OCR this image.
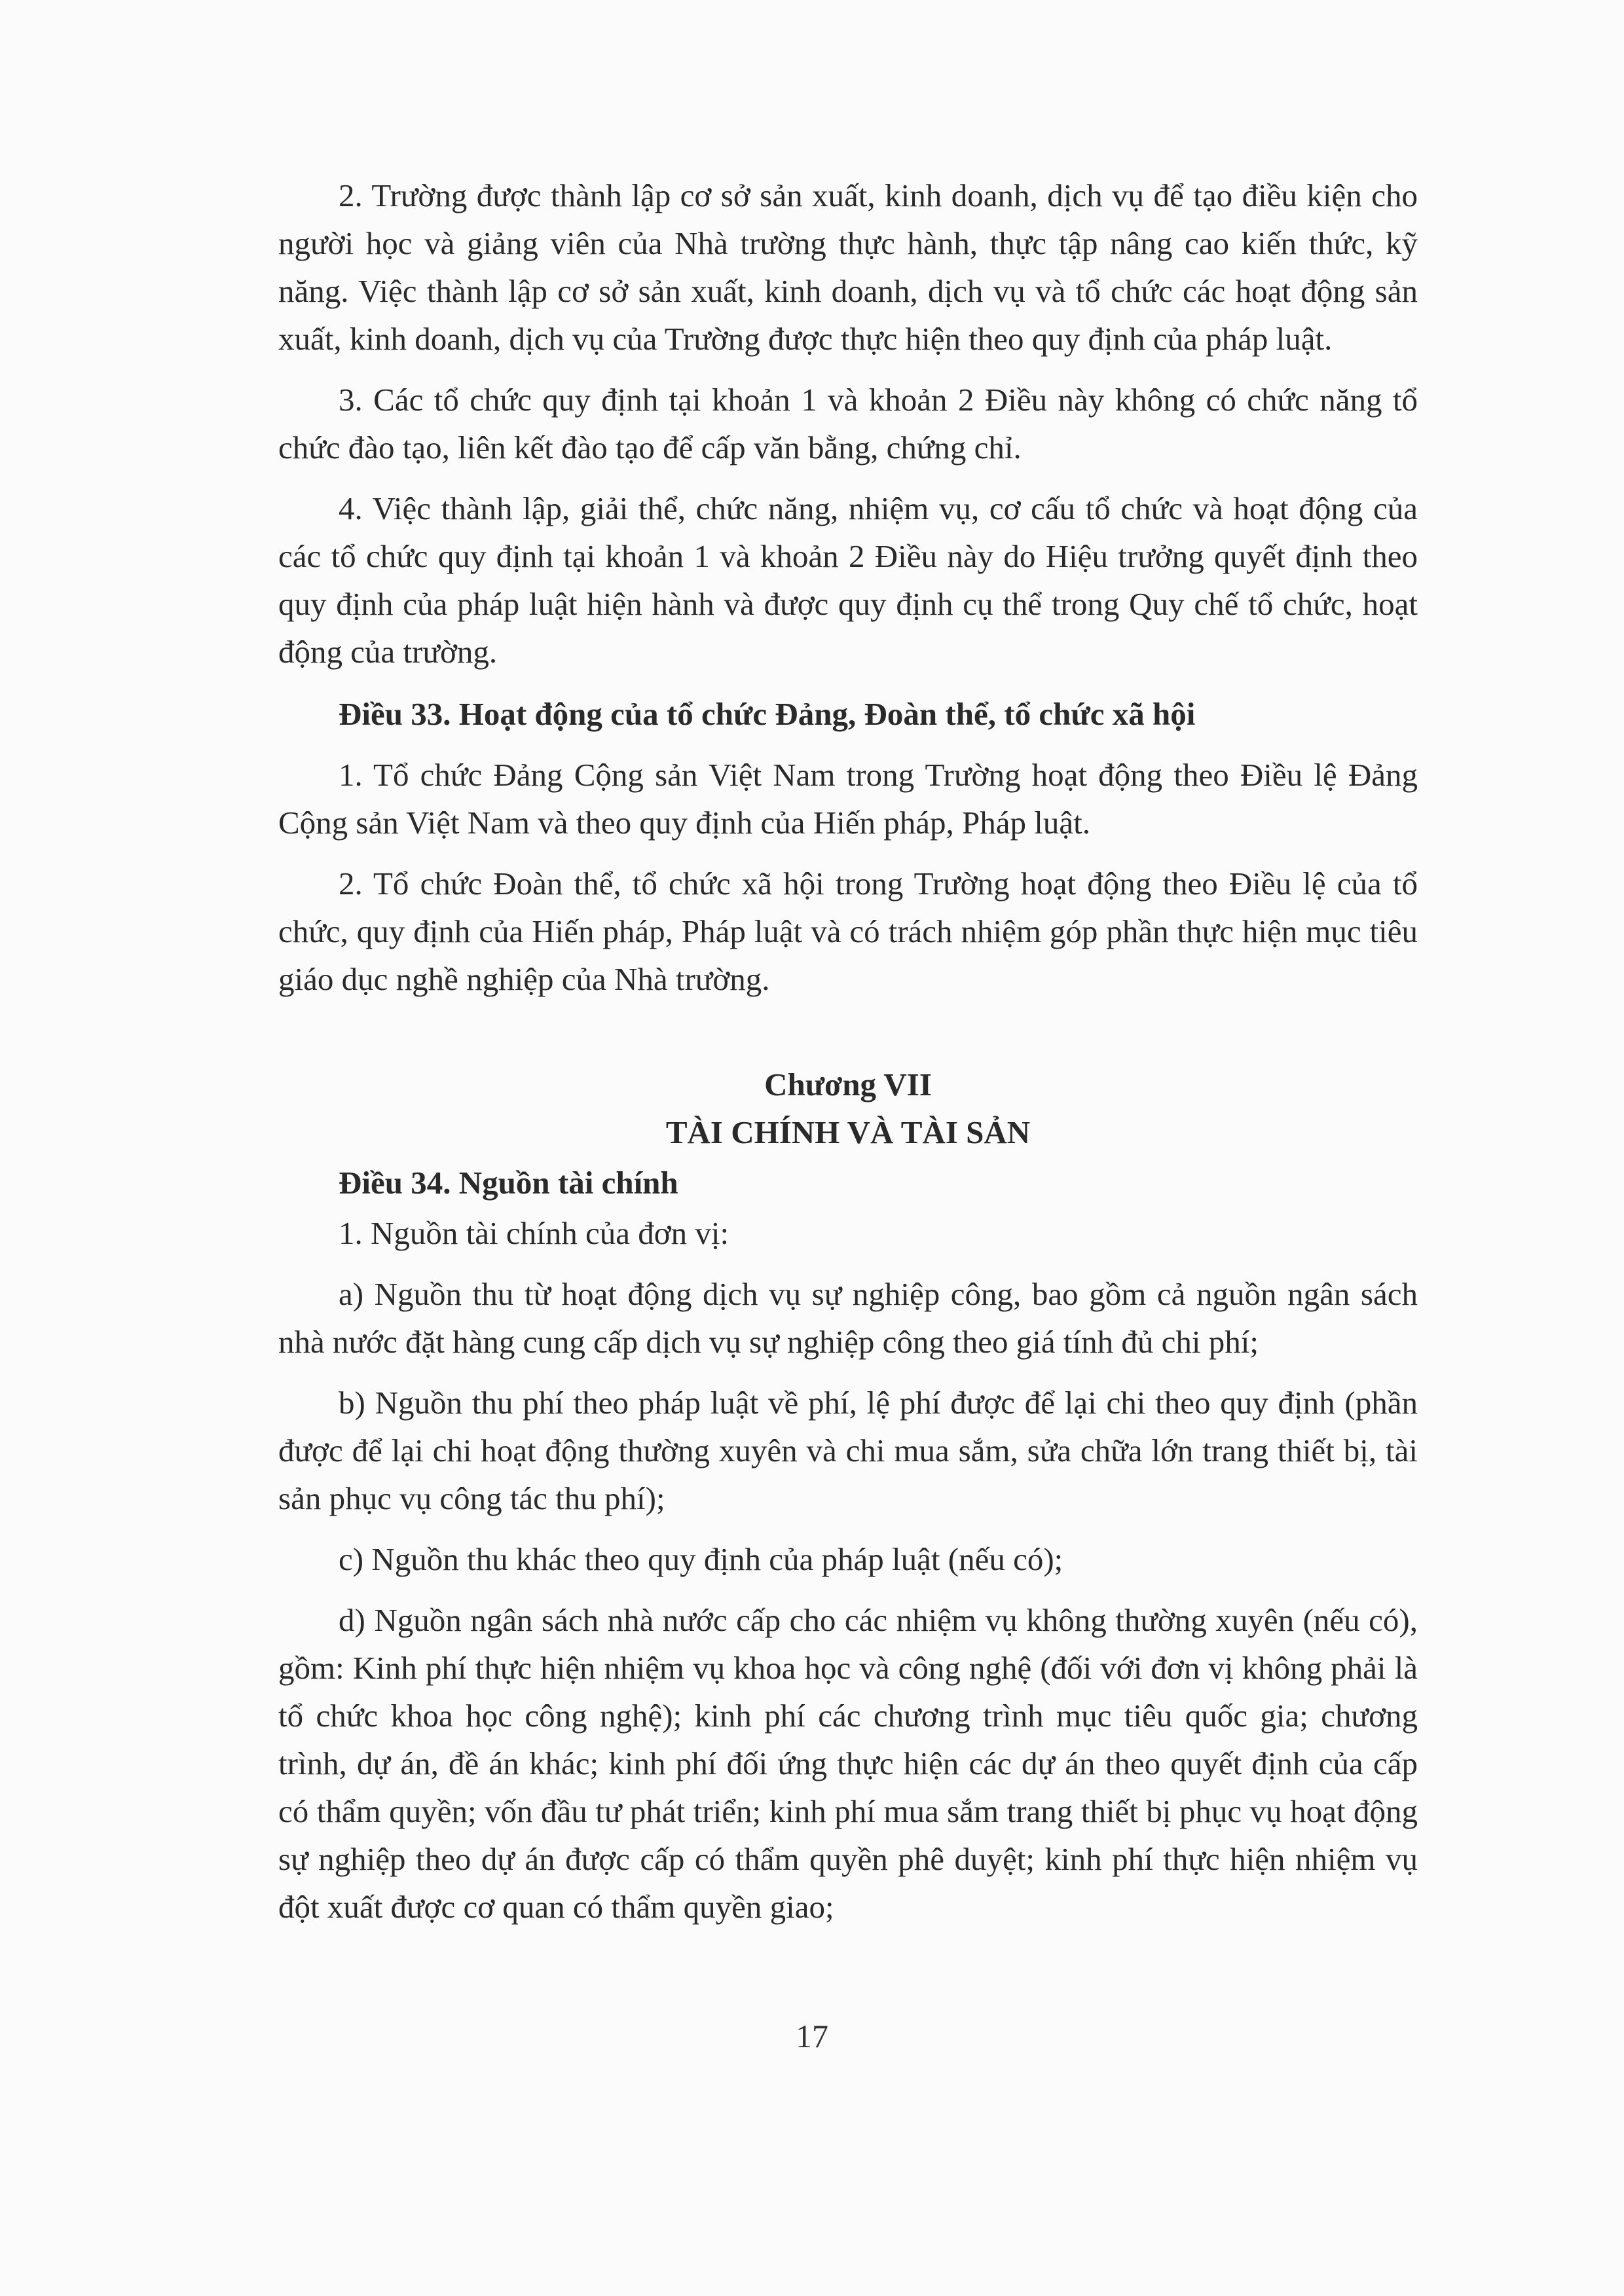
2. Trường được thành lập cơ sở sản xuất, kinh doanh, dịch vụ để tạo điều kiện cho người học và giảng viên của Nhà trường thực hành, thực tập nâng cao kiến thức, kỹ năng. Việc thành lập cơ sở sản xuất, kinh doanh, dịch vụ và tổ chức các hoạt động sản xuất, kinh doanh, dịch vụ của Trường được thực hiện theo quy định của pháp luật.

3. Các tổ chức quy định tại khoản 1 và khoản 2 Điều này không có chức năng tổ chức đào tạo, liên kết đào tạo để cấp văn bằng, chứng chỉ.

4. Việc thành lập, giải thể, chức năng, nhiệm vụ, cơ cấu tổ chức và hoạt động của các tổ chức quy định tại khoản 1 và khoản 2 Điều này do Hiệu trưởng quyết định theo quy định của pháp luật hiện hành và được quy định cụ thể trong Quy chế tổ chức, hoạt động của trường.

Điều 33. Hoạt động của tổ chức Đảng, Đoàn thể, tổ chức xã hội

1. Tổ chức Đảng Cộng sản Việt Nam trong Trường hoạt động theo Điều lệ Đảng Cộng sản Việt Nam và theo quy định của Hiến pháp, Pháp luật.

2. Tổ chức Đoàn thể, tổ chức xã hội trong Trường hoạt động theo Điều lệ của tổ chức, quy định của Hiến pháp, Pháp luật và có trách nhiệm góp phần thực hiện mục tiêu giáo dục nghề nghiệp của Nhà trường.

Chương VII

TÀI CHÍNH VÀ TÀI SẢN

Điều 34. Nguồn tài chính

1. Nguồn tài chính của đơn vị:

a) Nguồn thu từ hoạt động dịch vụ sự nghiệp công, bao gồm cả nguồn ngân sách nhà nước đặt hàng cung cấp dịch vụ sự nghiệp công theo giá tính đủ chi phí;

b) Nguồn thu phí theo pháp luật về phí, lệ phí được để lại chi theo quy định (phần được để lại chi hoạt động thường xuyên và chi mua sắm, sửa chữa lớn trang thiết bị, tài sản phục vụ công tác thu phí);

c) Nguồn thu khác theo quy định của pháp luật (nếu có);

d) Nguồn ngân sách nhà nước cấp cho các nhiệm vụ không thường xuyên (nếu có), gồm: Kinh phí thực hiện nhiệm vụ khoa học và công nghệ (đối với đơn vị không phải là tổ chức khoa học công nghệ); kinh phí các chương trình mục tiêu quốc gia; chương trình, dự án, đề án khác; kinh phí đối ứng thực hiện các dự án theo quyết định của cấp có thẩm quyền; vốn đầu tư phát triển; kinh phí mua sắm trang thiết bị phục vụ hoạt động sự nghiệp theo dự án được cấp có thẩm quyền phê duyệt; kinh phí thực hiện nhiệm vụ đột xuất được cơ quan có thẩm quyền giao;

17
